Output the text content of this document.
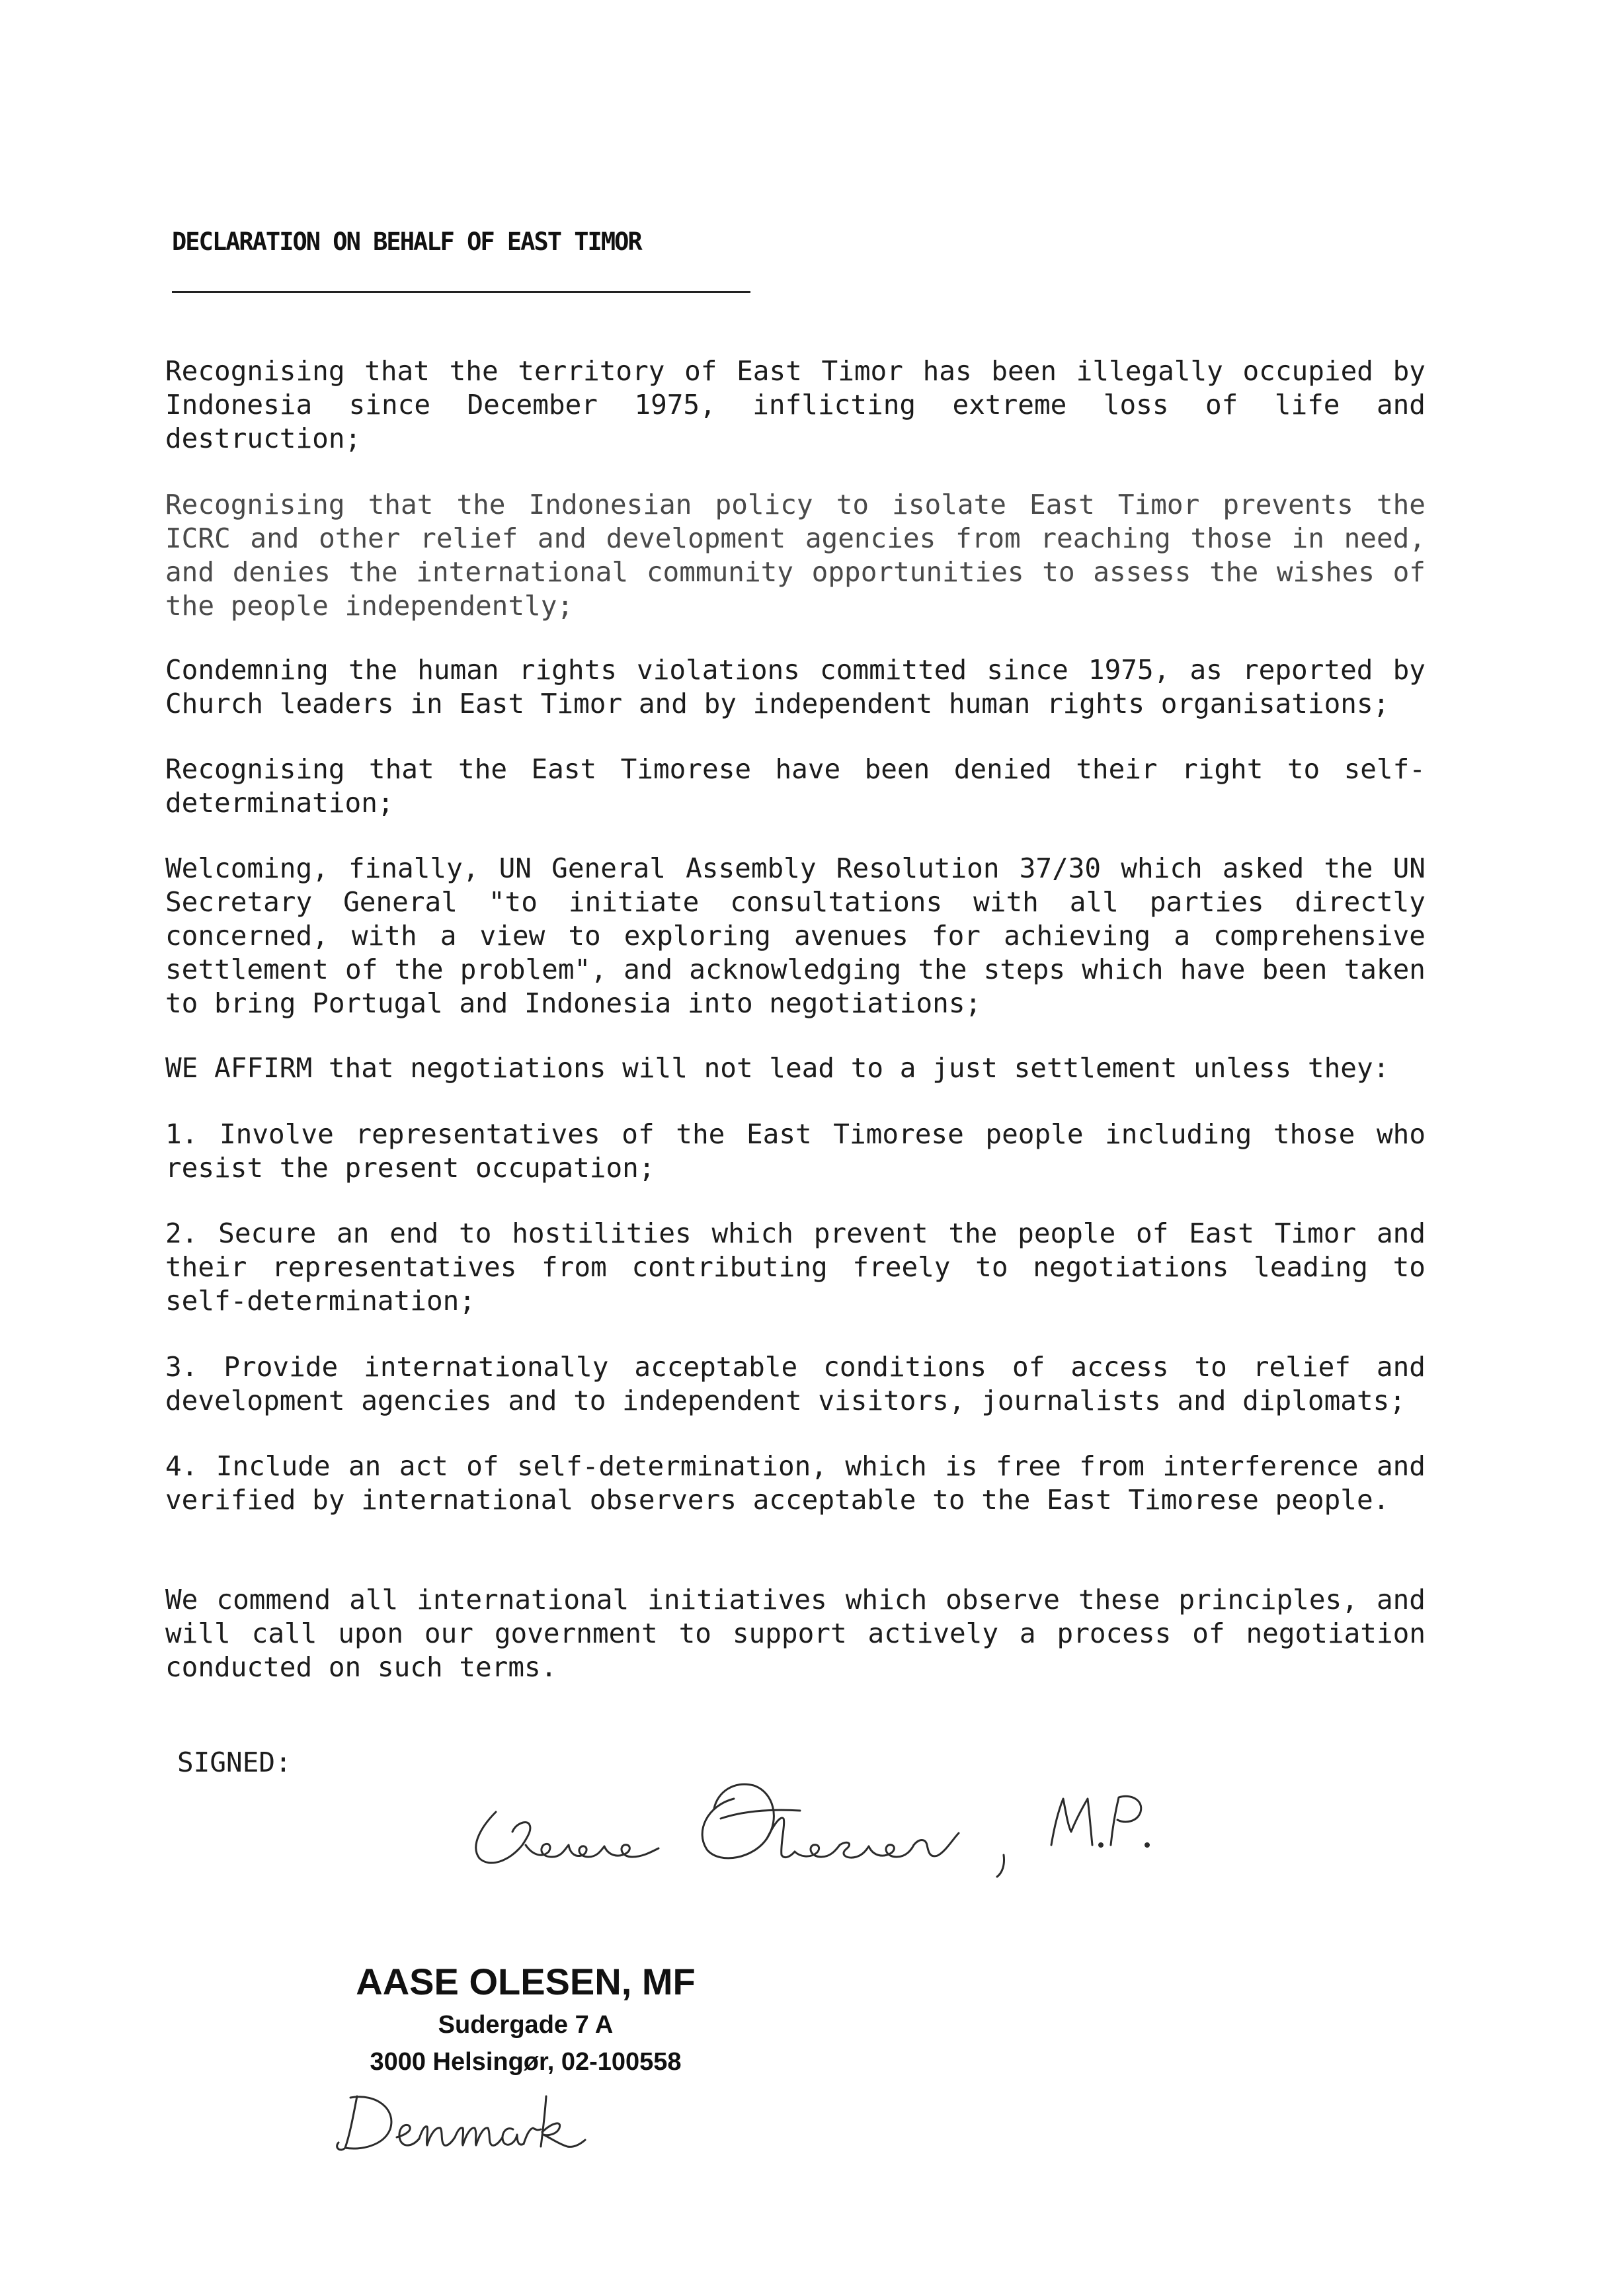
DECLARATION ON BEHALF OF EAST TIMOR

Recognising that the territory of East Timor has been illegally occupied by Indonesia since December 1975, inflicting extreme loss of life and destruction;

Recognising that the Indonesian policy to isolate East Timor prevents the ICRC and other relief and development agencies from reaching those in need, and denies the international community opportunities to assess the wishes of the people independently;

Condemning the human rights violations committed since 1975, as reported by Church leaders in East Timor and by independent human rights organisations;

Recognising that the East Timorese have been denied their right to self-determination;

Welcoming, finally, UN General Assembly Resolution 37/30 which asked the UN Secretary General "to initiate consultations with all parties directly concerned, with a view to exploring avenues for achieving a comprehensive settlement of the problem", and acknowledging the steps which have been taken to bring Portugal and Indonesia into negotiations;

WE AFFIRM that negotiations will not lead to a just settlement unless they:

1. Involve representatives of the East Timorese people including those who resist the present occupation;

2. Secure an end to hostilities which prevent the people of East Timor and their representatives from contributing freely to negotiations leading to self-determination;

3. Provide internationally acceptable conditions of access to relief and development agencies and to independent visitors, journalists and diplomats;

4. Include an act of self-determination, which is free from interference and verified by international observers acceptable to the East Timorese people.

We commend all international initiatives which observe these principles, and will call upon our government to support actively a process of negotiation conducted on such terms.

SIGNED:
AASE OLESEN, MF
Sudergade 7 A
3000 Helsingør, 02-100558
